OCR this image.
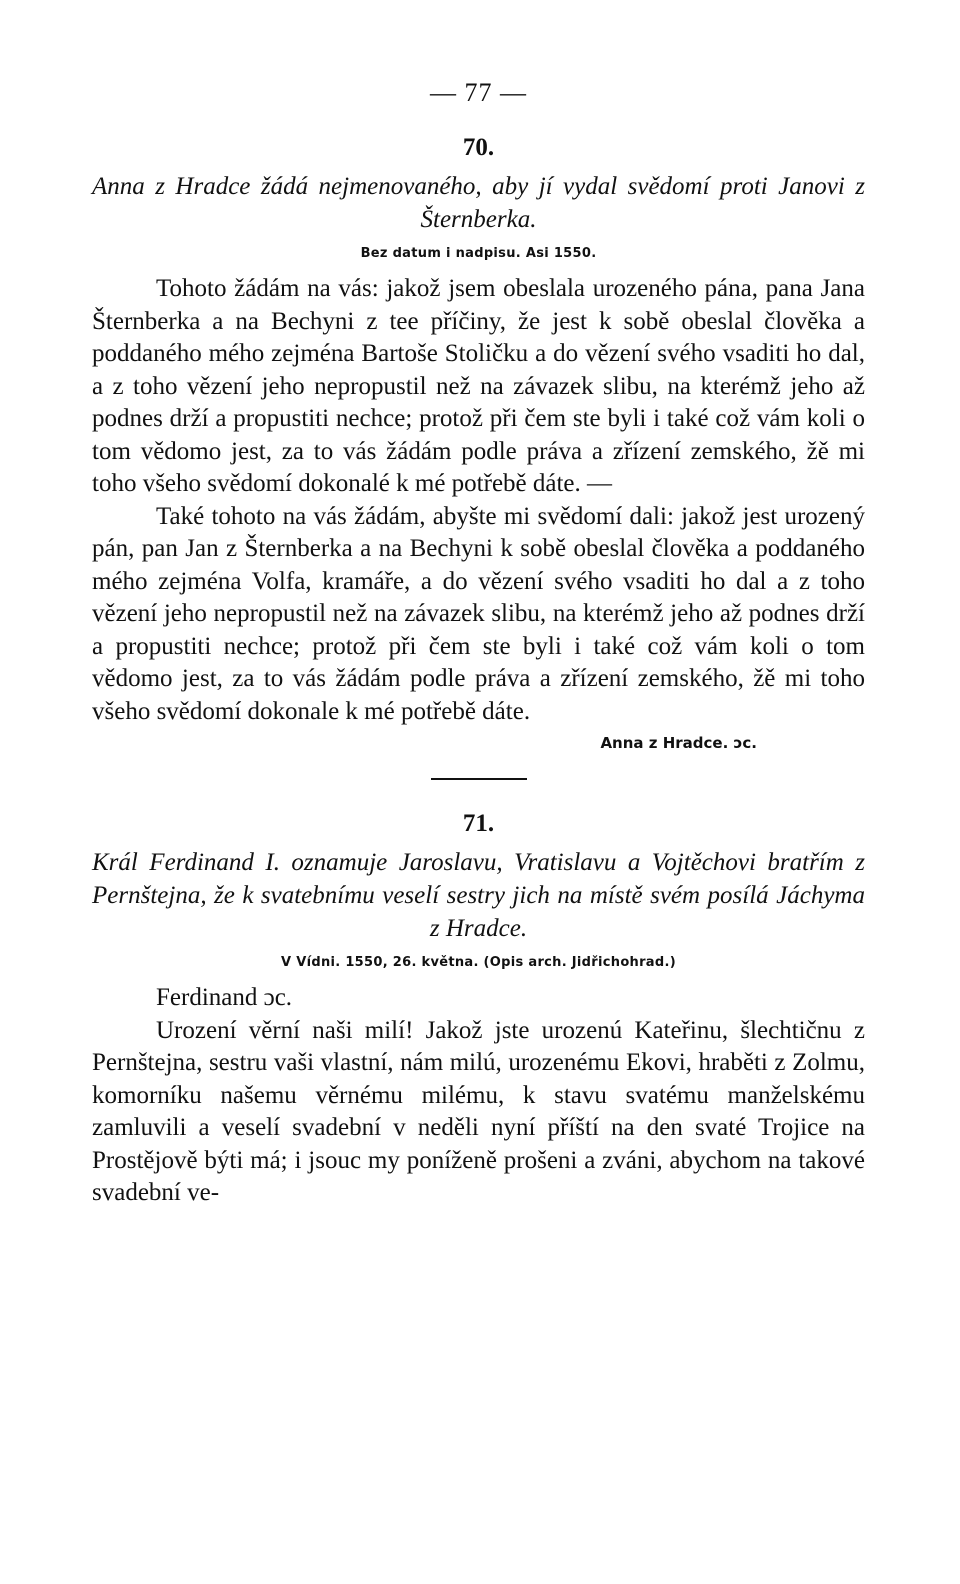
— 77 —
70.

Anna z Hradce žádá nejmenovaného, aby jí vydal svědomí proti Janovi z Šternberka.

Bez datum i nadpisu. Asi 1550.

Tohoto žádám na vás: jakož jsem obeslala urozeného pána, pana Jana Šternberka a na Bechyni z tee příčiny, že jest k sobě obeslal člověka a poddaného mého zejména Bartoše Stoličku a do vězení svého vsaditi ho dal, a z toho vězení jeho nepropustil než na závazek slibu, na kterémž jeho až podnes drží a propustiti nechce; protož při čem ste byli i také což vám koli o tom vědomo jest, za to vás žádám podle práva a zřízení zemského, žě mi toho všeho svědomí dokonalé k mé potřebě dáte. —

Také tohoto na vás žádám, abyšte mi svědomí dali: jakož jest urozený pán, pan Jan z Šternberka a na Bechyni k sobě obeslal člověka a poddaného mého zejména Volfa, kramáře, a do vězení svého vsaditi ho dal a z toho vězení jeho nepropustil než na závazek slibu, na kterémž jeho až podnes drží a propustiti nechce; protož při čem ste byli i také což vám koli o tom vědomo jest, za to vás žádám podle práva a zřízení zemského, žě mi toho všeho svědomí dokonale k mé potřebě dáte.

Anna z Hradce. ɔc.
71.

Král Ferdinand I. oznamuje Jaroslavu, Vratislavu a Vojtěchovi bratřím z Pernštejna, že k svatebnímu veselí sestry jich na místě svém posílá Jáchyma z Hradce.

V Vídni. 1550, 26. května. (Opis arch. Jidřichohrad.)

Ferdinand ɔc.

Urození věrní naši milí! Jakož jste urozenú Kateřinu, šlechtičnu z Pernštejna, sestru vaši vlastní, nám milú, urozenému Ekovi, hraběti z Zolmu, komorníku našemu věrnému milému, k stavu svatému manželskému zamluvili a veselí svadební v neděli nyní příští na den svaté Trojice na Prostějově býti má; i jsouc my poníženě prošeni a zváni, abychom na takové svadební ve-
